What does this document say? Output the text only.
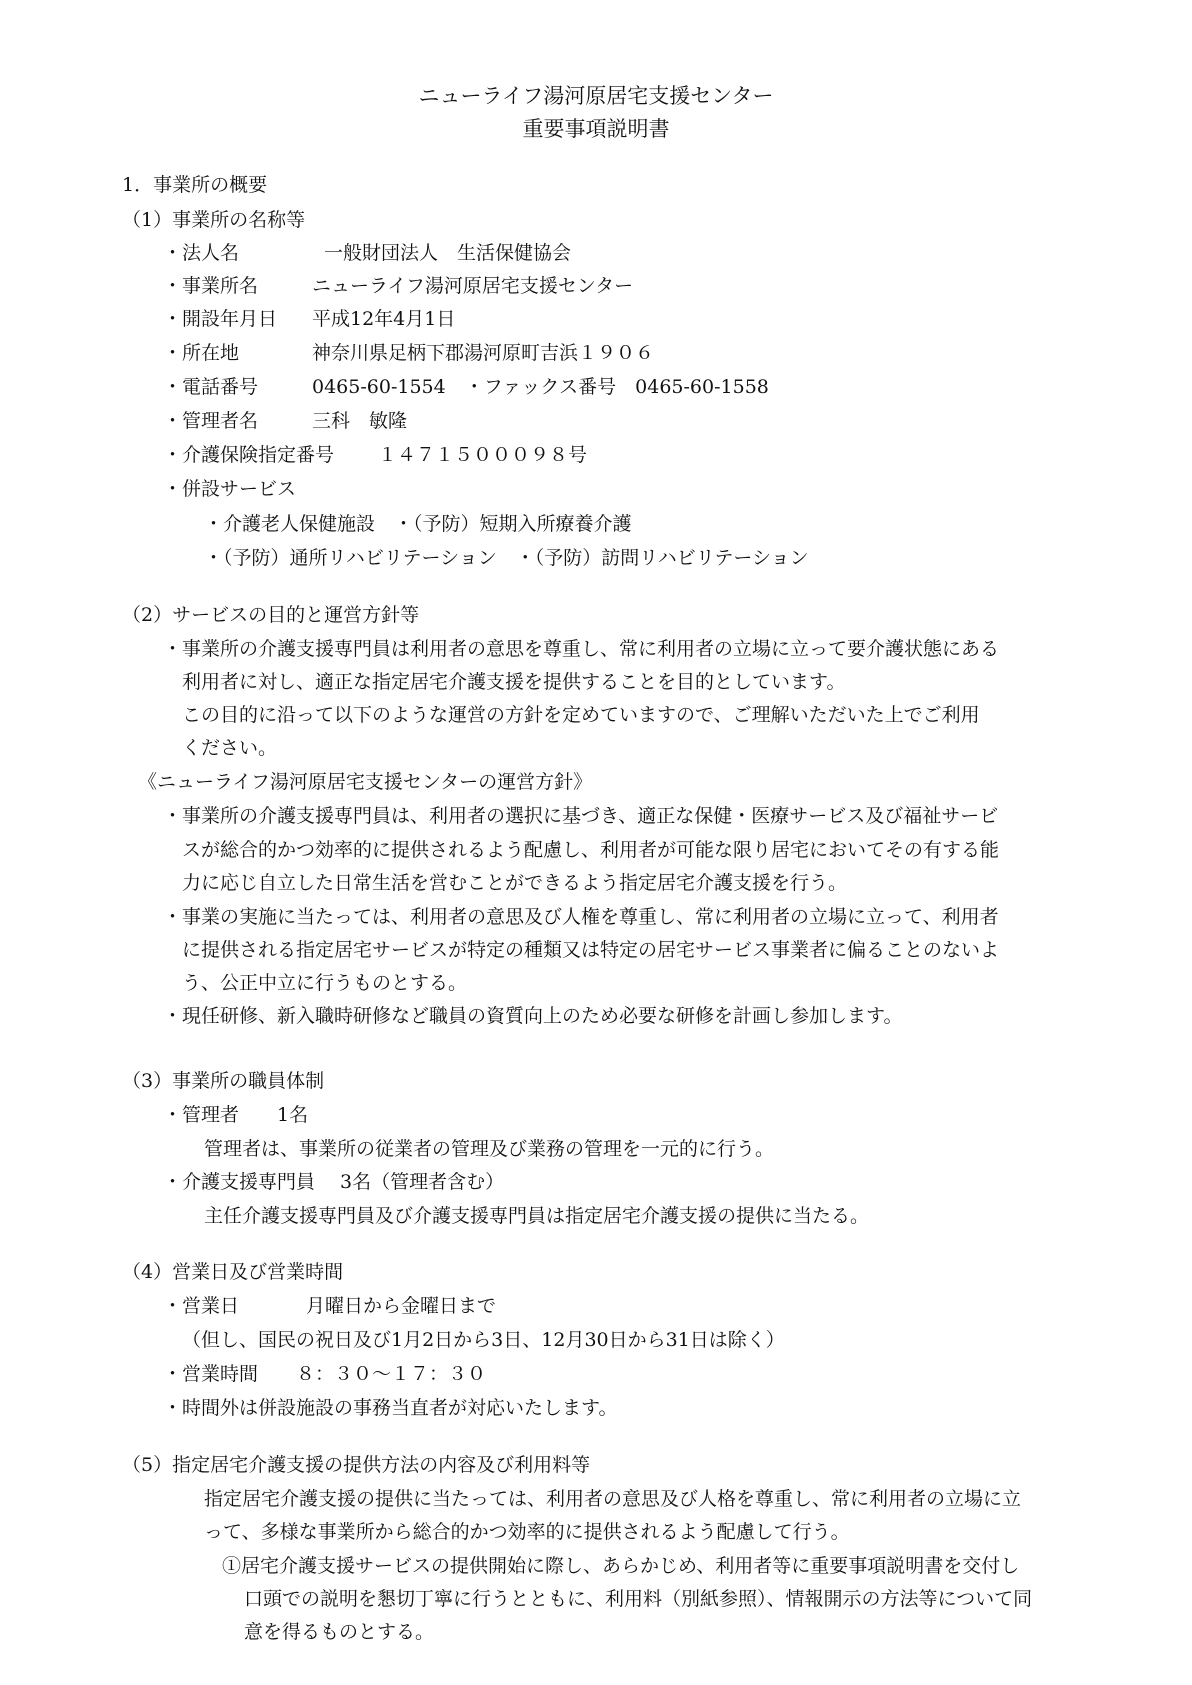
ニューライフ湯河原居宅支援センター
重要事項説明書
1．事業所の概要
（1）事業所の名称等
・法人名	一般財団法人　生活保健協会
・事業所名	ニューライフ湯河原居宅支援センター
・開設年月日 平成12年4月1日
・所在地	神奈川県足柄下郡湯河原町吉浜１９０６
・電話番号	0465-60-1554　・ファックス番号　0465-60-1558
・管理者名	三科　敏隆
・介護保険指定番号 １４７１５０００９８号
・併設サービス
・介護老人保健施設　・（予防）短期入所療養介護
・（予防）通所リハビリテーション　・（予防）訪問リハビリテーション
（2）サービスの目的と運営方針等
・事業所の介護支援専門員は利用者の意思を尊重し、常に利用者の立場に立って要介護状態にある
利用者に対し、適正な指定居宅介護支援を提供することを目的としています。
この目的に沿って以下のような運営の方針を定めていますので、ご理解いただいた上でご利用
ください。
《ニューライフ湯河原居宅支援センターの運営方針》
・事業所の介護支援専門員は、利用者の選択に基づき、適正な保健・医療サービス及び福祉サービ
スが総合的かつ効率的に提供されるよう配慮し、利用者が可能な限り居宅においてその有する能
力に応じ自立した日常生活を営むことができるよう指定居宅介護支援を行う。
・事業の実施に当たっては、利用者の意思及び人権を尊重し、常に利用者の立場に立って、利用者
に提供される指定居宅サービスが特定の種類又は特定の居宅サービス事業者に偏ることのないよ
う、公正中立に行うものとする。
・現任研修、新入職時研修など職員の資質向上のため必要な研修を計画し参加します。
（3）事業所の職員体制
・管理者　　1名
管理者は、事業所の従業者の管理及び業務の管理を一元的に行う。
・介護支援専門員　 3名（管理者含む）
主任介護支援専門員及び介護支援専門員は指定居宅介護支援の提供に当たる。
（4）営業日及び営業時間
・営業日	月曜日から金曜日まで
（但し、国民の祝日及び1月2日から3日、12月30日から31日は除く）
・営業時間 ８：３０～１７：３０
・時間外は併設施設の事務当直者が対応いたします。
（5）指定居宅介護支援の提供方法の内容及び利用料等
指定居宅介護支援の提供に当たっては、利用者の意思及び人格を尊重し、常に利用者の立場に立
って、多様な事業所から総合的かつ効率的に提供されるよう配慮して行う。
①居宅介護支援サービスの提供開始に際し、あらかじめ、利用者等に重要事項説明書を交付し
口頭での説明を懇切丁寧に行うとともに、利用料（別紙参照）、情報開示の方法等について同
意を得るものとする。
